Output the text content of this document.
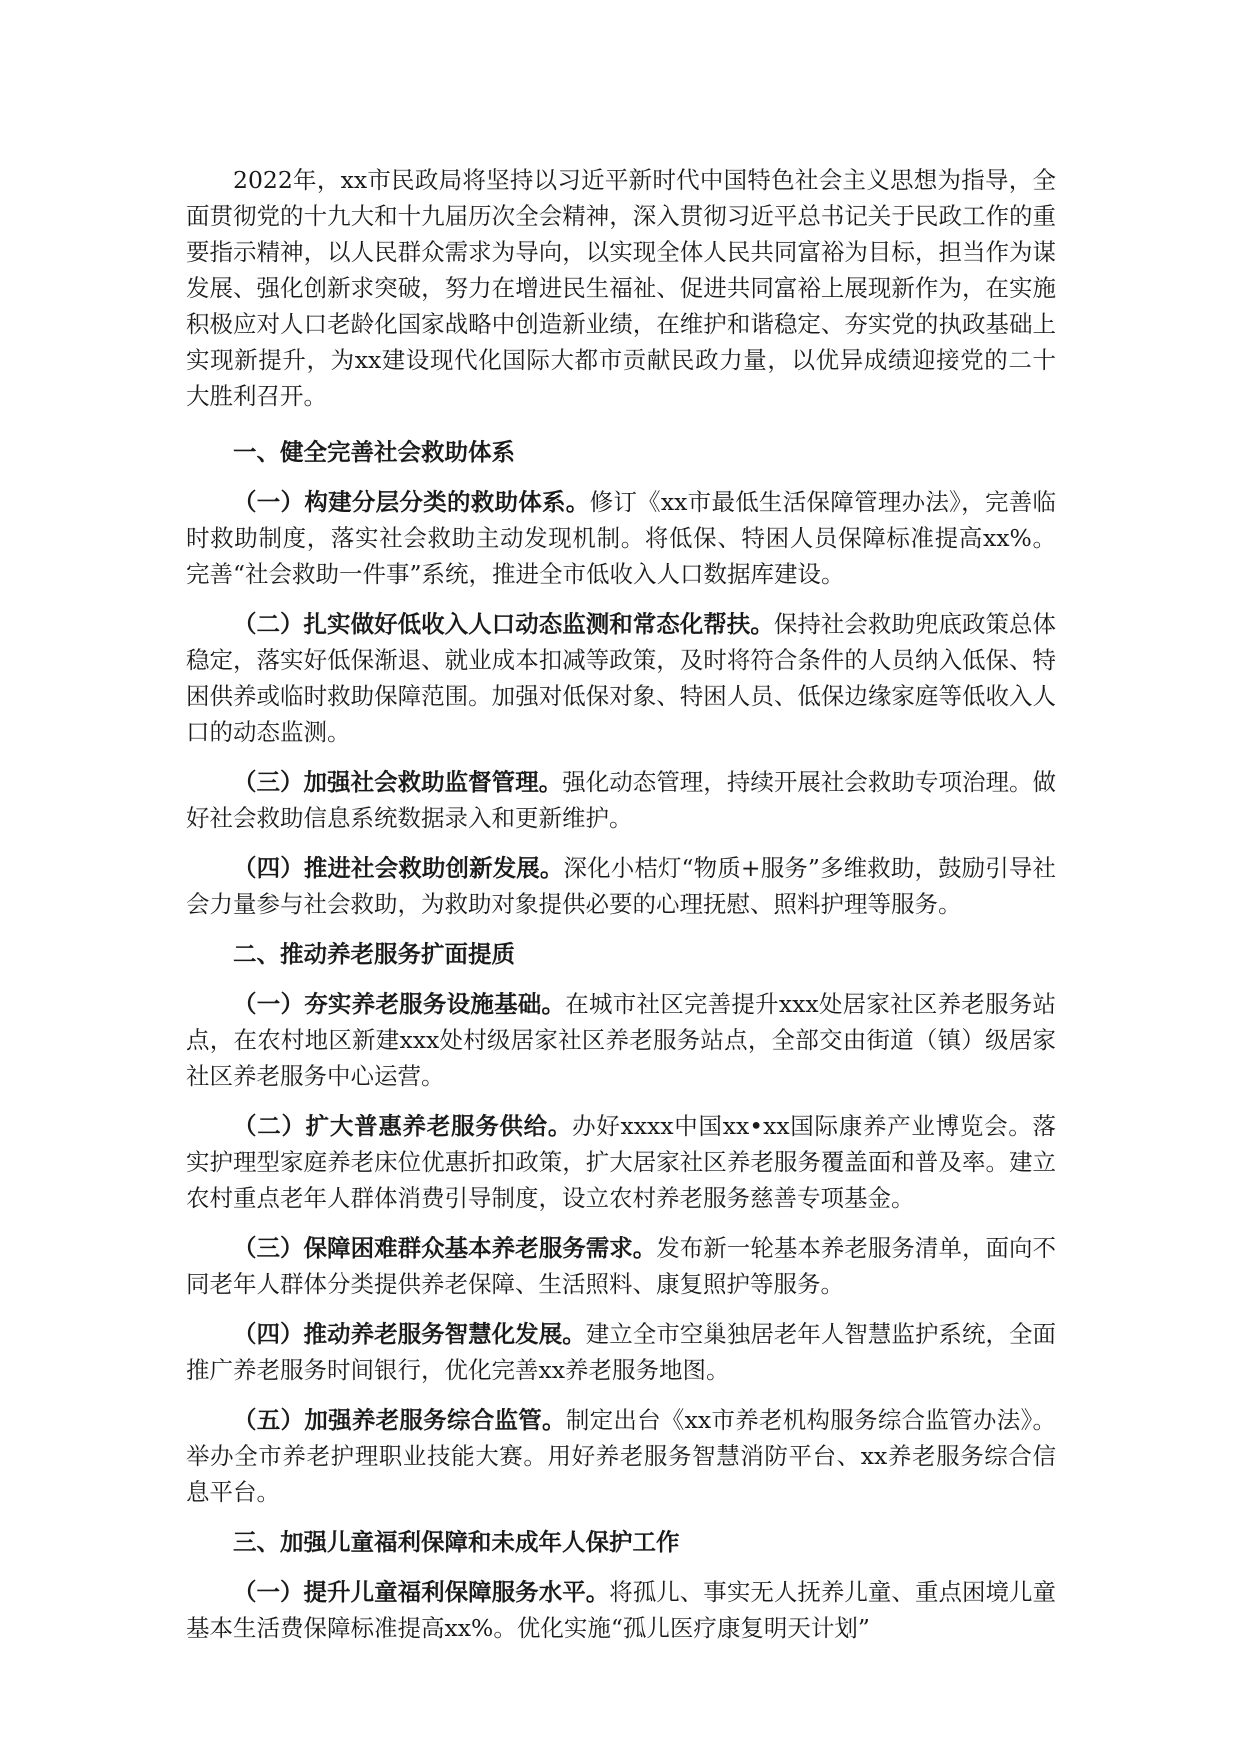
2022年，xx市民政局将坚持以习近平新时代中国特色社会主义思想为指导，全面贯彻党的十九大和十九届历次全会精神，深入贯彻习近平总书记关于民政工作的重要指示精神，以人民群众需求为导向，以实现全体人民共同富裕为目标，担当作为谋发展、强化创新求突破，努力在增进民生福祉、促进共同富裕上展现新作为，在实施积极应对人口老龄化国家战略中创造新业绩，在维护和谐稳定、夯实党的执政基础上实现新提升，为xx建设现代化国际大都市贡献民政力量，以优异成绩迎接党的二十大胜利召开。

一、健全完善社会救助体系

（一）构建分层分类的救助体系。修订《xx市最低生活保障管理办法》，完善临时救助制度，落实社会救助主动发现机制。将低保、特困人员保障标准提高xx%。完善“社会救助一件事”系统，推进全市低收入人口数据库建设。

（二）扎实做好低收入人口动态监测和常态化帮扶。保持社会救助兜底政策总体稳定，落实好低保渐退、就业成本扣减等政策，及时将符合条件的人员纳入低保、特困供养或临时救助保障范围。加强对低保对象、特困人员、低保边缘家庭等低收入人口的动态监测。

（三）加强社会救助监督管理。强化动态管理，持续开展社会救助专项治理。做好社会救助信息系统数据录入和更新维护。

（四）推进社会救助创新发展。深化小桔灯“物质+服务”多维救助，鼓励引导社会力量参与社会救助，为救助对象提供必要的心理抚慰、照料护理等服务。

二、推动养老服务扩面提质

（一）夯实养老服务设施基础。在城市社区完善提升xxx处居家社区养老服务站点，在农村地区新建xxx处村级居家社区养老服务站点，全部交由街道（镇）级居家社区养老服务中心运营。

（二）扩大普惠养老服务供给。办好xxxx中国xx•xx国际康养产业博览会。落实护理型家庭养老床位优惠折扣政策，扩大居家社区养老服务覆盖面和普及率。建立农村重点老年人群体消费引导制度，设立农村养老服务慈善专项基金。

（三）保障困难群众基本养老服务需求。发布新一轮基本养老服务清单，面向不同老年人群体分类提供养老保障、生活照料、康复照护等服务。

（四）推动养老服务智慧化发展。建立全市空巢独居老年人智慧监护系统，全面推广养老服务时间银行，优化完善xx养老服务地图。

（五）加强养老服务综合监管。制定出台《xx市养老机构服务综合监管办法》。举办全市养老护理职业技能大赛。用好养老服务智慧消防平台、xx养老服务综合信息平台。

三、加强儿童福利保障和未成年人保护工作

（一）提升儿童福利保障服务水平。将孤儿、事实无人抚养儿童、重点困境儿童基本生活费保障标准提高xx%。优化实施“孤儿医疗康复明天计划”
